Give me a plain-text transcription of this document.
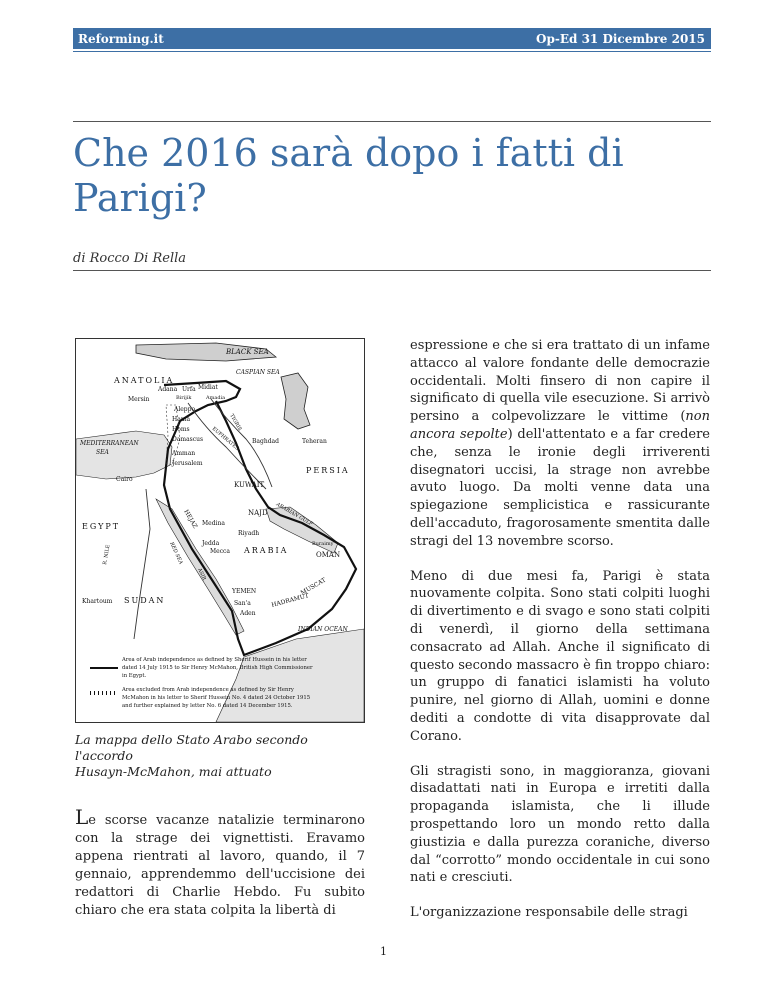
Reforming.it	Op-Ed 31 Dicembre 2015
Che 2016 sarà dopo i fatti di Parigi?
di Rocco Di Rella
BLACK SEA
CASPIAN SEA
ANATOLIA
Adana Urfa Midiat
Mersin	Birijik	Amadia
Aleppo
Hama
Homs
Damascus
Amman
Jerusalem
MEDITERRANEAN
SEA
Baghdad	Teheran
PERSIA
TIGRIS
EUPHRATES
Cairo
KUWAIT
ARABIAN GULF
NAJD
EGYPT	HEJAZ Medina
Riyadh
Jedda
Mecca ARABIA
Buraimy
OMAN
RED SEA
ASIR
R. NILE
YEMEN	MUSCAT
HADRAMUT
Khartoum SUDAN	San'a
Aden
INDIAN OCEAN
Area of Arab independence as defined by Sherif Hussein in his letter
dated 14 July 1915 to Sir Henry McMahon, British High Commissioner
in Egypt.
Area excluded from Arab independence as defined by Sir Henry
McMahon in his letter to Sherif Hussein No. 4 dated 24 October 1915
and further explained by letter No. 6 dated 14 December 1915.
La mappa dello Stato Arabo secondo l'accordo
Husayn-McMahon, mai attuato
Le scorse vacanze natalizie terminarono con la strage dei vignettisti. Eravamo appena rientrati al lavoro, quando, il 7 gennaio, apprendemmo dell'uccisione dei redattori di Charlie Hebdo. Fu subito chiaro che era stata colpita la libertà di

espressione e che si era trattato di un infame attacco al valore fondante delle democrazie occidentali. Molti finsero di non capire il significato di quella vile esecuzione. Si arrivò persino a colpevolizzare le vittime (non ancora sepolte) dell'attentato e a far credere che, senza le ironie degli irriverenti disegnatori uccisi, la strage non avrebbe avuto luogo. Da molti venne data una spiegazione semplicistica e rassicurante dell'accaduto, fragorosamente smentita dalle stragi del 13 novembre scorso.

Meno di due mesi fa, Parigi è stata nuovamente colpita. Sono stati colpiti luoghi di divertimento e di svago e sono stati colpiti di venerdì, il giorno della settimana consacrato ad Allah. Anche il significato di questo secondo massacro è fin troppo chiaro: un gruppo di fanatici islamisti ha voluto punire, nel giorno di Allah, uomini e donne dediti a condotte di vita disapprovate dal Corano.

Gli stragisti sono, in maggioranza, giovani disadattati nati in Europa e irretiti dalla propaganda islamista, che li illude prospettando loro un mondo retto dalla giustizia e dalla purezza coraniche, diverso dal “corrotto” mondo occidentale in cui sono nati e cresciuti.

L'organizzazione responsabile delle stragi

1
